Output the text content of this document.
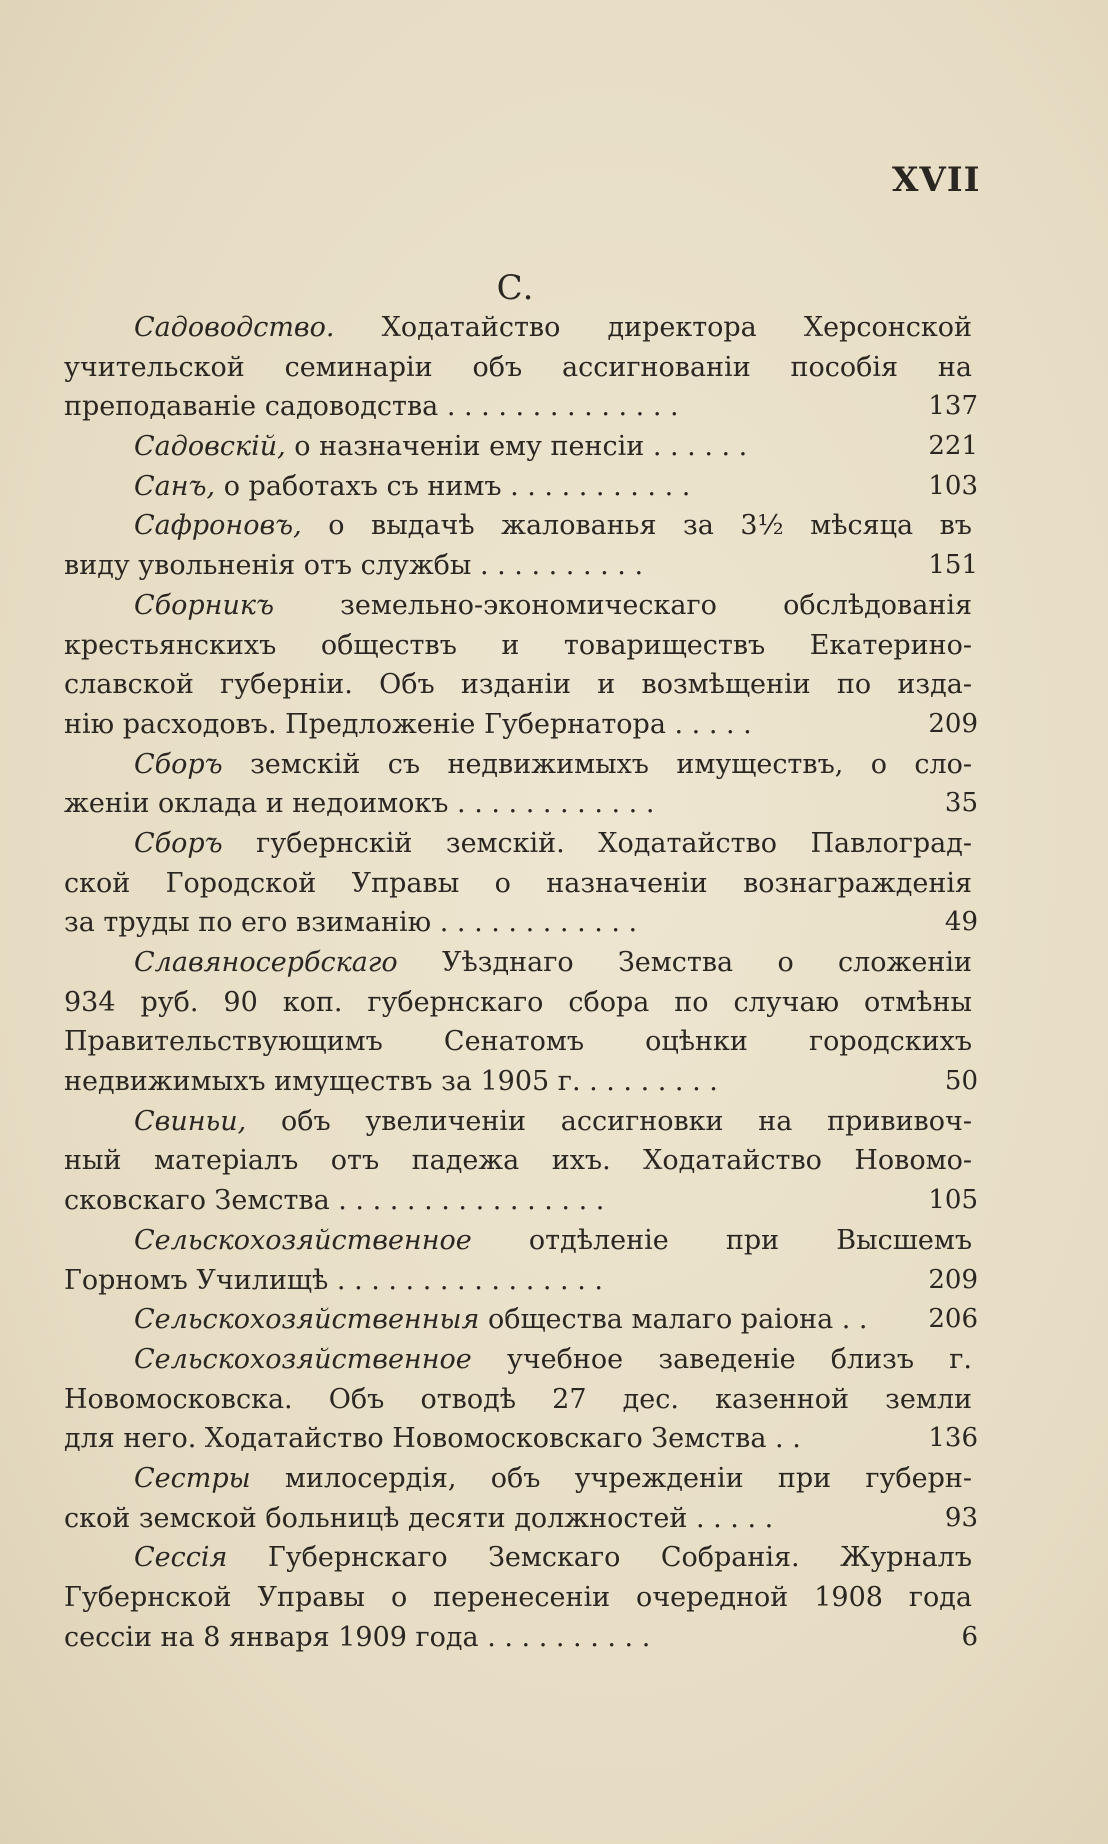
XVII
С.
Садоводство. Ходатайство директора Херсонской
учительской семинаріи объ ассигнованіи пособія на
преподаваніе садоводства . . . . . . . . . . . . . .	137
Садовскій, о назначеніи ему пенсіи . . . . . .	221
Санъ, о работахъ съ нимъ . . . . . . . . . . .	103
Сафроновъ, о выдачѣ жалованья за 3½ мѣсяца въ
виду увольненія отъ службы . . . . . . . . . .	151
Сборникъ земельно-экономическаго обслѣдованія
крестьянскихъ обществъ и товариществъ Екатерино-
славской губерніи. Объ изданіи и возмѣщеніи по изда-
нію расходовъ. Предложеніе Губернатора . . . . .	209
Сборъ земскій съ недвижимыхъ имуществъ, о сло-
женіи оклада и недоимокъ . . . . . . . . . . . .	35
Сборъ губернскій земскій. Ходатайство Павлоград-
ской Городской Управы о назначеніи вознагражденія
за труды по его взиманію . . . . . . . . . . . .	49
Славяносербскаго Уѣзднаго Земства о сложеніи
934 руб. 90 коп. губернскаго сбора по случаю отмѣны
Правительствующимъ Сенатомъ оцѣнки городскихъ
недвижимыхъ имуществъ за 1905 г. . . . . . . . .	50
Свиньи, объ увеличеніи ассигновки на прививоч-
ный матеріалъ отъ падежа ихъ. Ходатайство Новомо-
сковскаго Земства . . . . . . . . . . . . . . . .	105
Сельскохозяйственное отдѣленіе при Высшемъ
Горномъ Училищѣ . . . . . . . . . . . . . . . .	209
Сельскохозяйственныя общества малаго раіона . . 206
Сельскохозяйственное учебное заведеніе близъ г.
Новомосковска. Объ отводѣ 27 дес. казенной земли
для него. Ходатайство Новомосковскаго Земства . .	136
Сестры милосердія, объ учрежденіи при губерн-
ской земской больницѣ десяти должностей . . . . .	93
Сессія Губернскаго Земскаго Собранія. Журналъ
Губернской Управы о перенесеніи очередной 1908 года
сессіи на 8 января 1909 года . . . . . . . . . .	6
